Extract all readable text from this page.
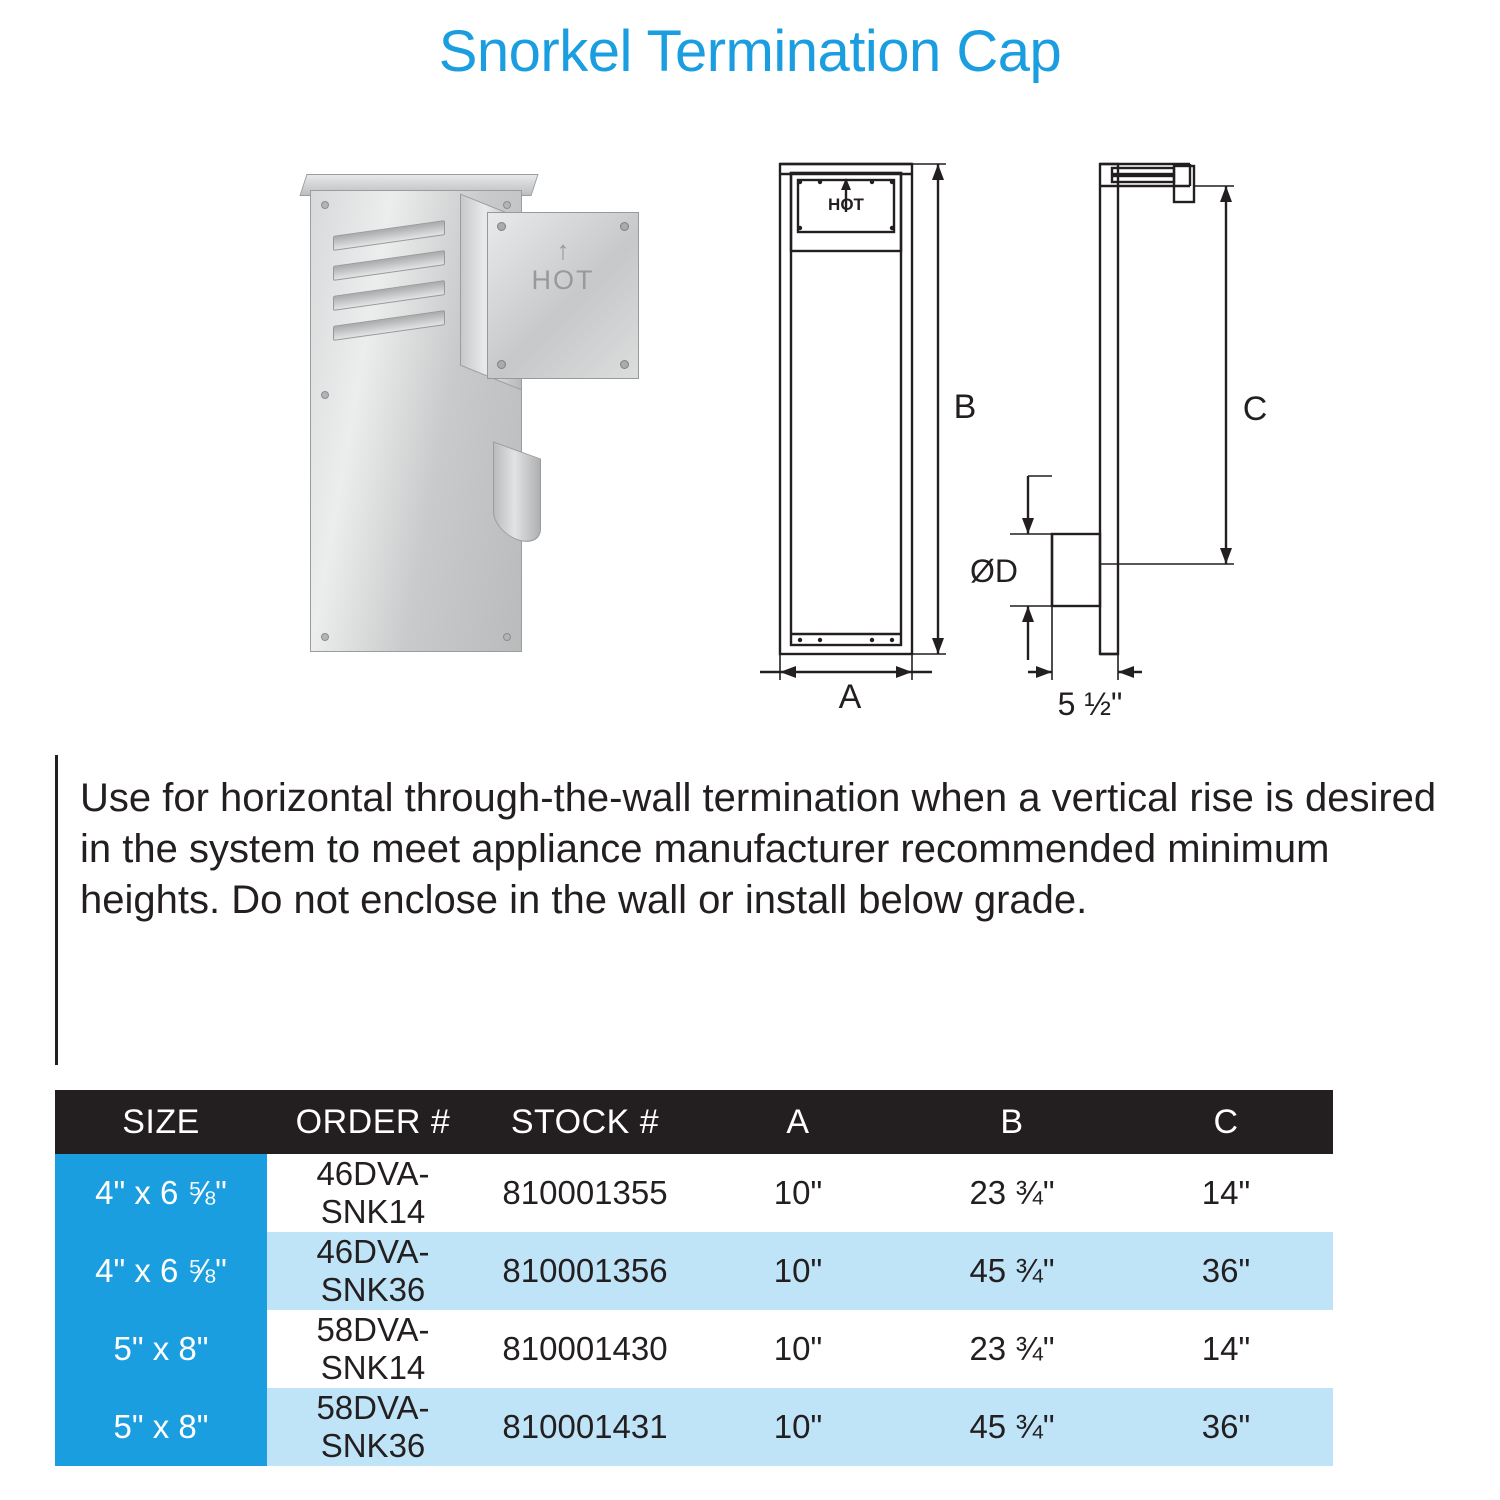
Snorkel Termination Cap
↑
HOT
HOT
B
A
C
ØD
5 ½"
Use for horizontal through-the-wall termination when a vertical rise is desired in the system to meet appliance manufacturer recommended minimum heights. Do not enclose in the wall or install below grade.
SIZE	ORDER #	STOCK #	A	B	C
4" x 6 ⅝"	46DVA-SNK14	810001355	10"	23 ¾"	14"
4" x 6 ⅝"	46DVA-SNK36	810001356	10"	45 ¾"	36"
5" x 8"	58DVA-SNK14	810001430	10"	23 ¾"	14"
5" x 8"	58DVA-SNK36	810001431	10"	45 ¾"	36"
